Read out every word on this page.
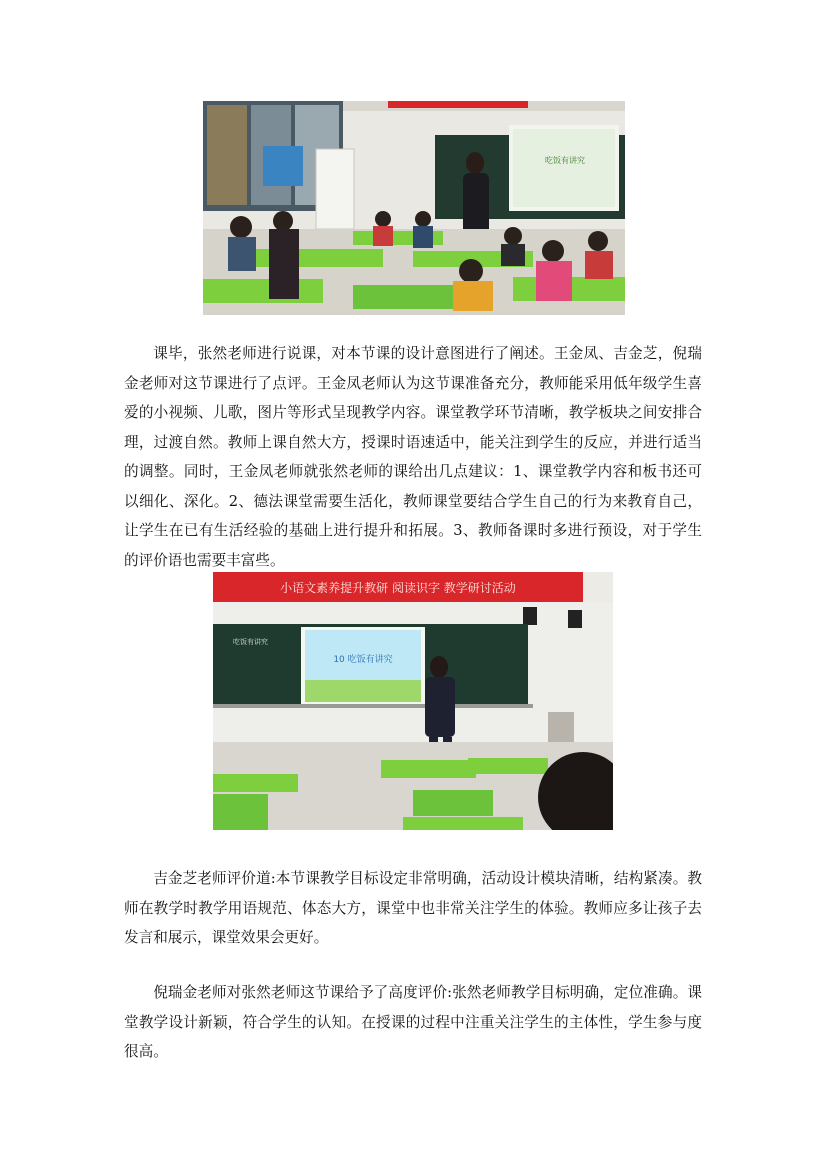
吃饭有讲究

课毕，张然老师进行说课，对本节课的设计意图进行了阐述。王金凤、吉金芝，倪瑞金老师对这节课进行了点评。王金凤老师认为这节课准备充分，教师能采用低年级学生喜爱的小视频、儿歌，图片等形式呈现教学内容。课堂教学环节清晰，教学板块之间安排合理，过渡自然。教师上课自然大方，授课时语速适中，能关注到学生的反应，并进行适当的调整。同时，王金凤老师就张然老师的课给出几点建议：1、课堂教学内容和板书还可以细化、深化。2、德法课堂需要生活化，教师课堂要结合学生自己的行为来教育自己，让学生在已有生活经验的基础上进行提升和拓展。3、教师备课时多进行预设，对于学生的评价语也需要丰富些。

小语文素养提升教研 阅读识字 教学研讨活动
吃饭有讲究
10 吃饭有讲究

吉金芝老师评价道:本节课教学目标设定非常明确，活动设计模块清晰，结构紧凑。教师在教学时教学用语规范、体态大方，课堂中也非常关注学生的体验。教师应多让孩子去发言和展示，课堂效果会更好。

倪瑞金老师对张然老师这节课给予了高度评价:张然老师教学目标明确，定位准确。课堂教学设计新颖，符合学生的认知。在授课的过程中注重关注学生的主体性，学生参与度很高。
